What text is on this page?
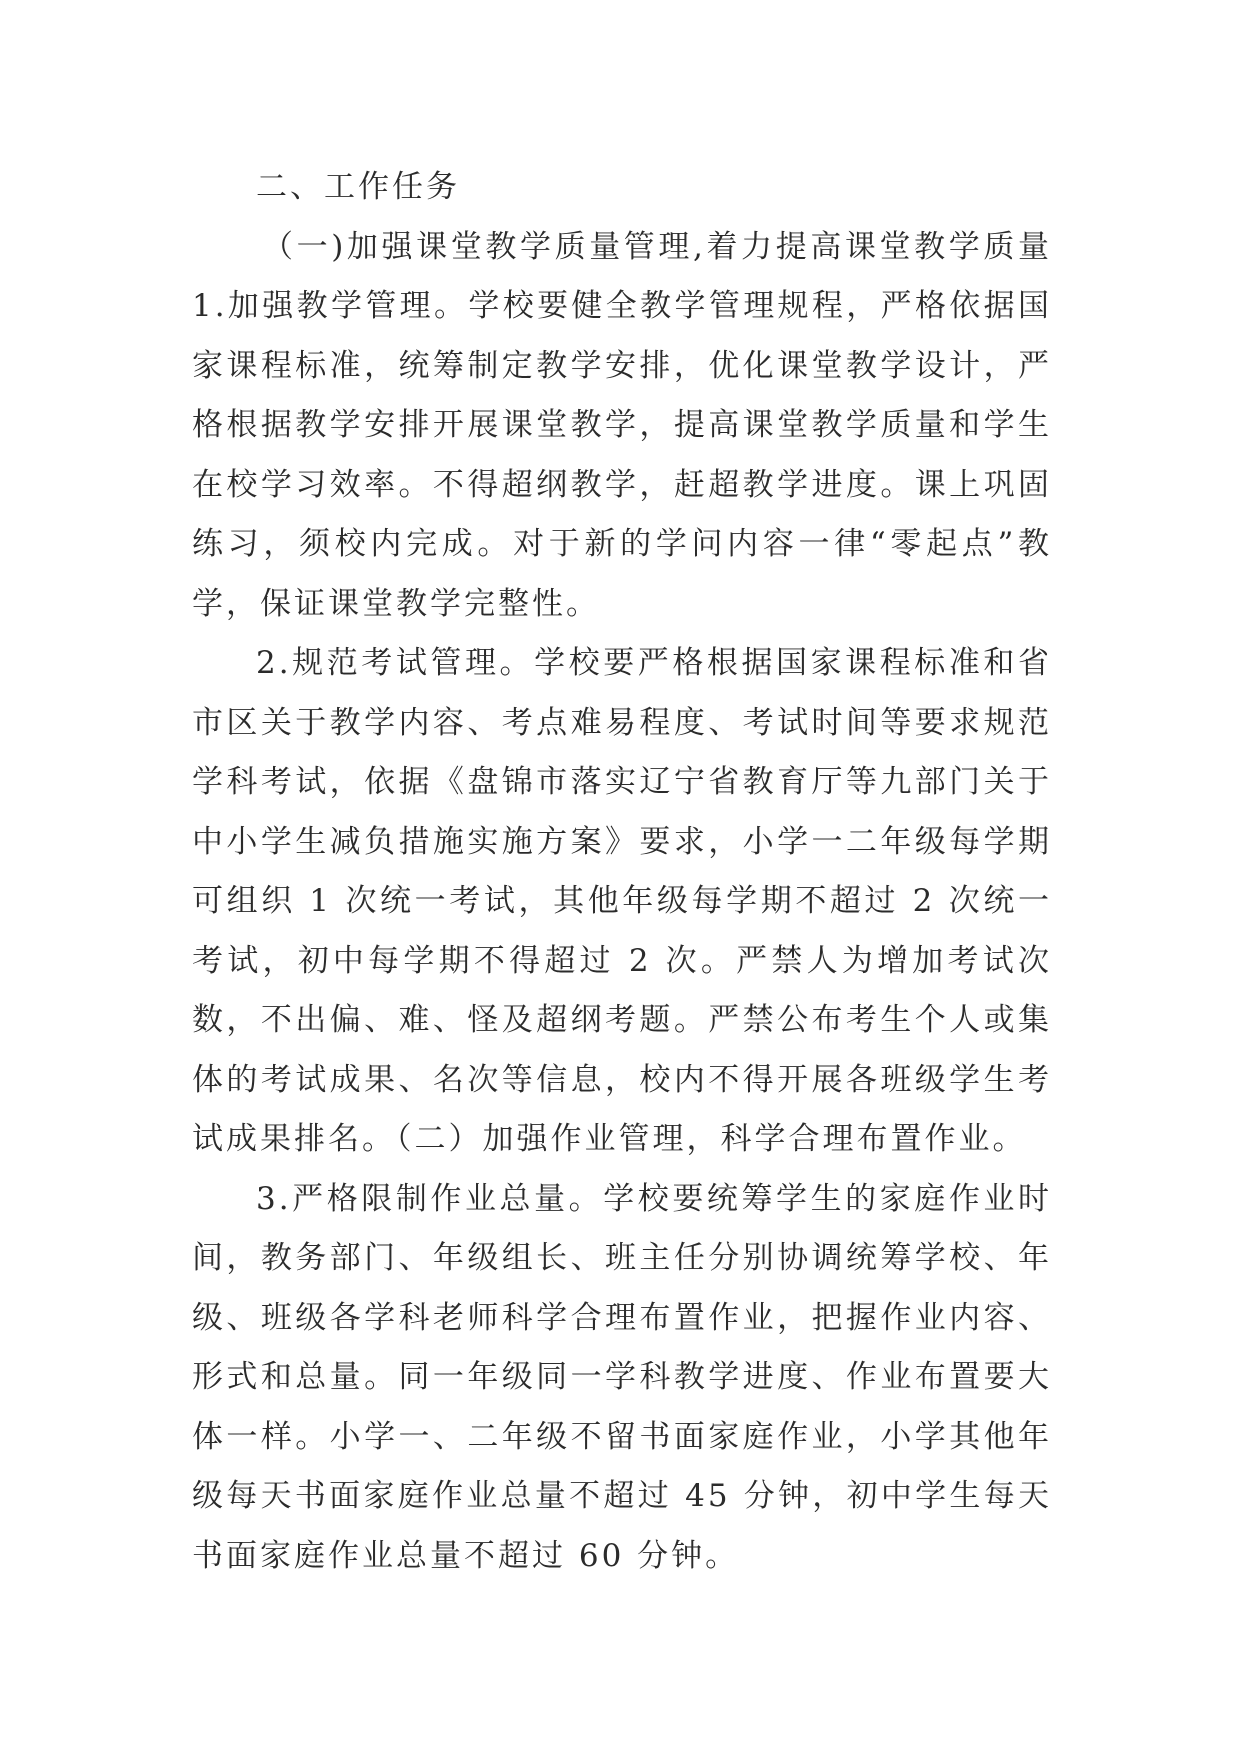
二、工作任务

（一)加强课堂教学质量管理,着力提高课堂教学质量 1.加强教学管理。学校要健全教学管理规程，严格依据国家课程标准，统筹制定教学安排，优化课堂教学设计，严格根据教学安排开展课堂教学，提高课堂教学质量和学生在校学习效率。不得超纲教学，赶超教学进度。课上巩固练习，须校内完成。对于新的学问内容一律“零起点”教学，保证课堂教学完整性。

2.规范考试管理。学校要严格根据国家课程标准和省市区关于教学内容、考点难易程度、考试时间等要求规范学科考试，依据《盘锦市落实辽宁省教育厅等九部门关于中小学生减负措施实施方案》要求，小学一二年级每学期可组织 1 次统一考试，其他年级每学期不超过 2 次统一考试，初中每学期不得超过 2 次。严禁人为增加考试次数，不出偏、难、怪及超纲考题。严禁公布考生个人或集体的考试成果、名次等信息，校内不得开展各班级学生考试成果排名。（二）加强作业管理，科学合理布置作业。

3.严格限制作业总量。学校要统筹学生的家庭作业时间，教务部门、年级组长、班主任分别协调统筹学校、年级、班级各学科老师科学合理布置作业，把握作业内容、形式和总量。同一年级同一学科教学进度、作业布置要大体一样。小学一、二年级不留书面家庭作业，小学其他年级每天书面家庭作业总量不超过 45 分钟，初中学生每天书面家庭作业总量不超过 60 分钟。
